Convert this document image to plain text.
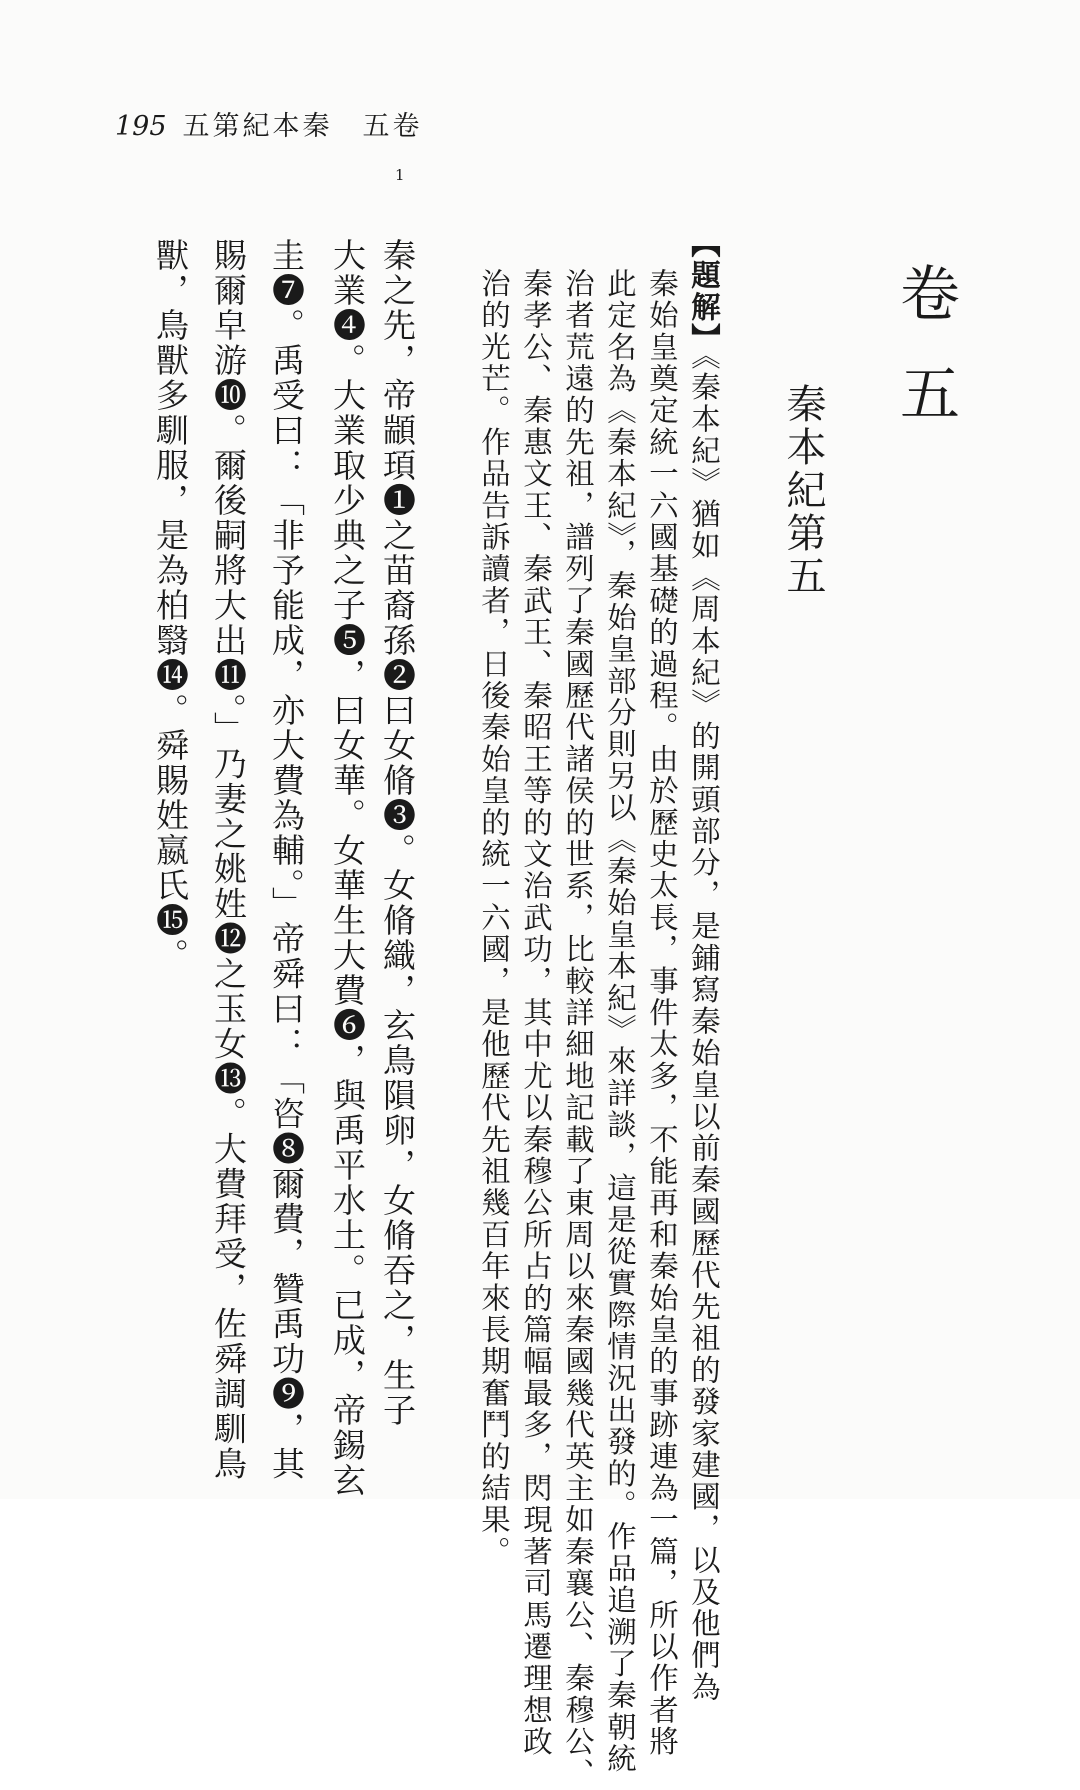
195 五第紀本秦　五卷
卷五
秦本紀第五
【題解】《秦本紀》猶如《周本紀》的開頭部分，是鋪寫秦始皇以前秦國歷代先祖的發家建國，以及他們為
秦始皇奠定統一六國基礎的過程。由於歷史太長，事件太多，不能再和秦始皇的事跡連為一篇，所以作者將
此定名為《秦本紀》，秦始皇部分則另以《秦始皇本紀》來詳談，這是從實際情況出發的。作品追溯了秦朝統
治者荒遠的先祖，譜列了秦國歷代諸侯的世系，比較詳細地記載了東周以來秦國幾代英主如秦襄公、秦穆公、
秦孝公、秦惠文王、秦武王、秦昭王等的文治武功，其中尤以秦穆公所占的篇幅最多，閃現著司馬遷理想政
治的光芒。作品告訴讀者，日後秦始皇的統一六國，是他歷代先祖幾百年來長期奮鬥的結果。
1
秦之先，帝顓頊❶之苗裔孫❷曰女脩❸。女脩織，玄鳥隕卵，女脩吞之，生子
大業❹。大業取少典之子❺，曰女華。女華生大費❻，與禹平水土。已成，帝錫玄
圭❼。禹受曰：「非予能成，亦大費為輔。」帝舜曰：「咨❽爾費，贊禹功❾，其
賜爾皁游❿。爾後嗣將大出⓫。」乃妻之姚姓⓬之玉女⓭。大費拜受，佐舜調馴鳥
獸，鳥獸多馴服，是為柏翳⓮。舜賜姓嬴氏⓯。
